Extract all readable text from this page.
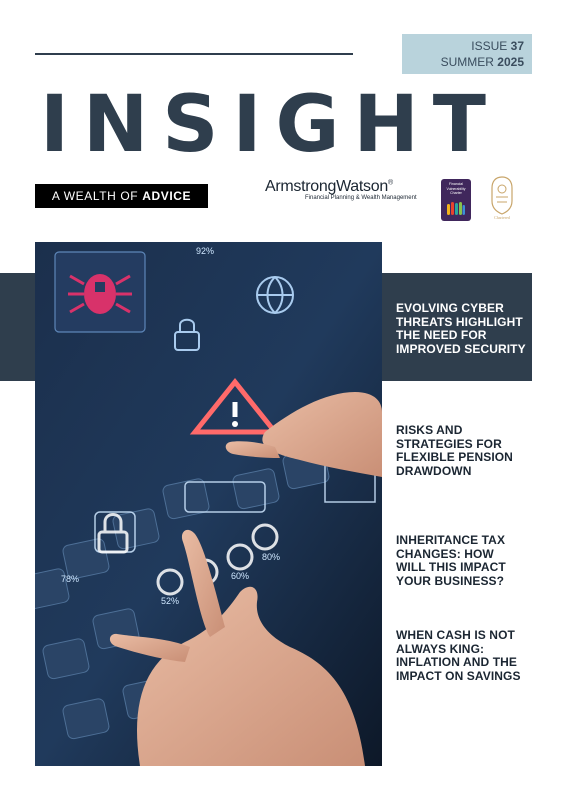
ISSUE 37
SUMMER 2025
INSIGHT
A WEALTH OF ADVICE
ArmstrongWatson®
Financial Planning & Wealth Management
Financial
Vulnerability
Charter
Chartered
52%
60%
80%
78%
92%
EVOLVING CYBER THREATS HIGHLIGHT THE NEED FOR IMPROVED SECURITY
RISKS AND STRATEGIES FOR FLEXIBLE PENSION DRAWDOWN
INHERITANCE TAX CHANGES: HOW WILL THIS IMPACT YOUR BUSINESS?
WHEN CASH IS NOT ALWAYS KING: INFLATION AND THE IMPACT ON SAVINGS
